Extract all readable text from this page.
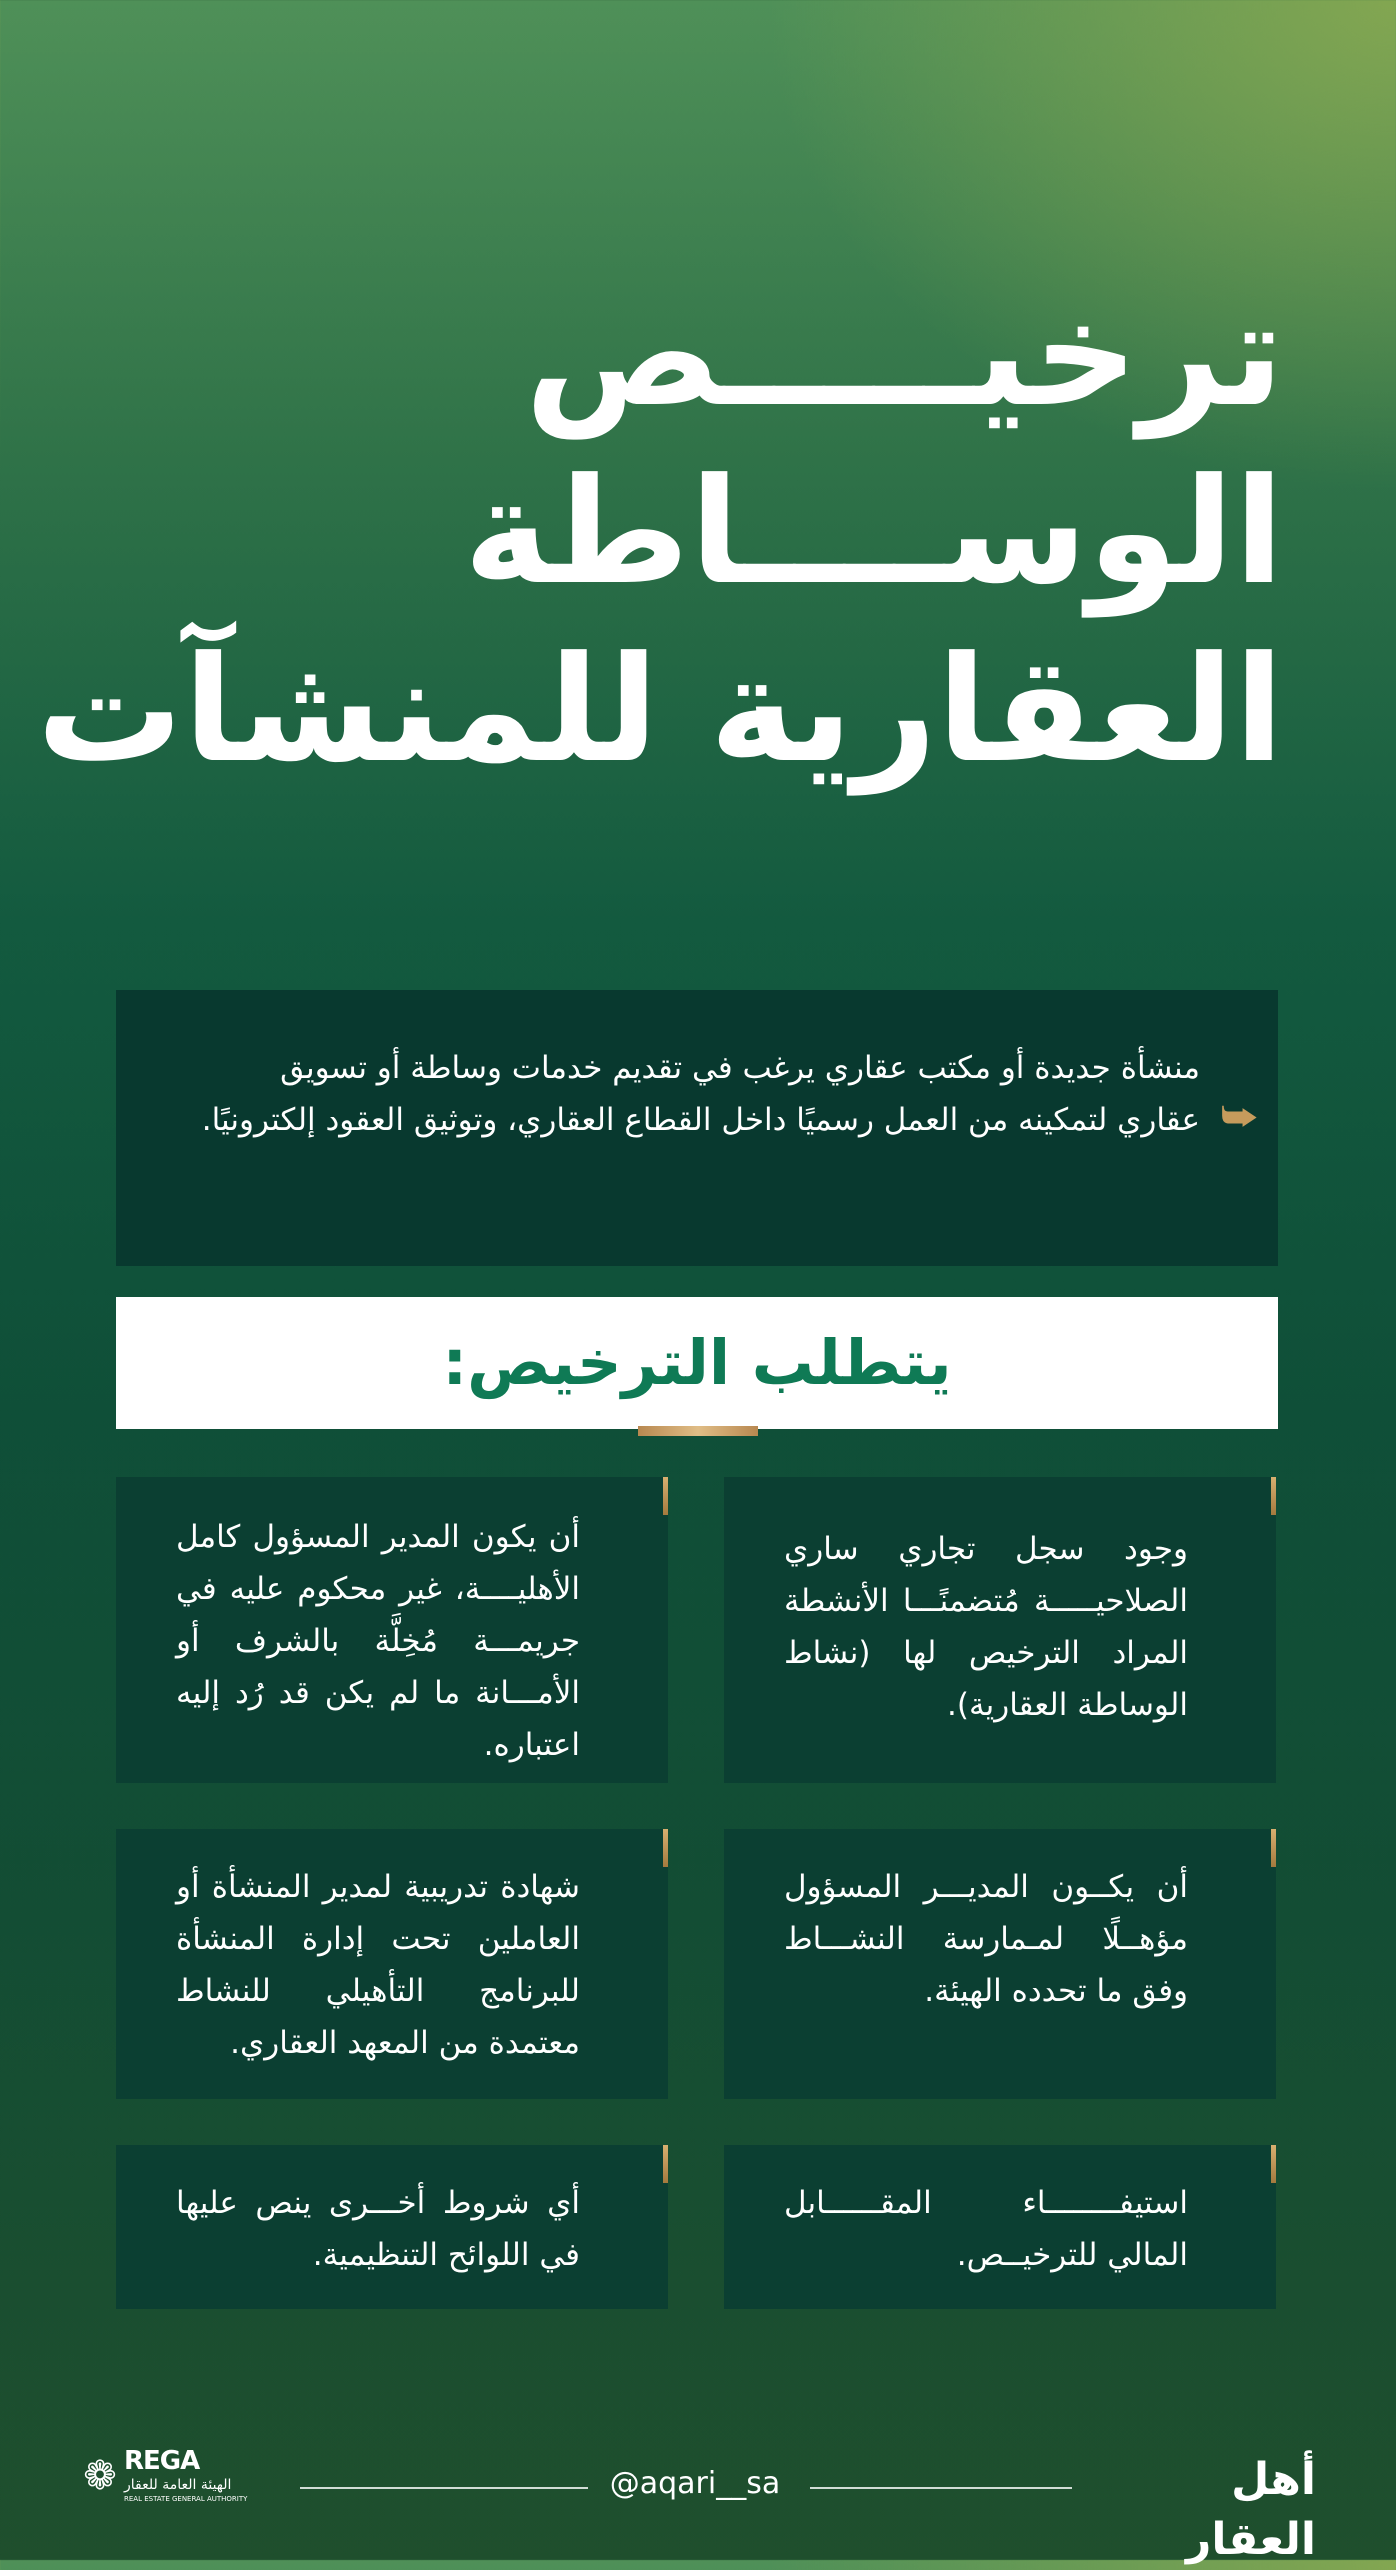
ترخيـــــص
الوســــاطة
العقارية للمنشآت
⮩
منشأة جديدة أو مكتب عقاري يرغب في تقديم خدمات وساطة أو تسويق عقاري لتمكينه من العمل رسميًا داخل القطاع العقاري، وتوثيق العقود إلكترونيًا.
يتطلب الترخيص:
وجود سجل تجاري ساري الصلاحيـــــة مُتضمنًـــا الأنشطة المراد الترخيص لها (نشاط الوساطة العقارية).
أن يكون المدير المسؤول كامل الأهليــــة، غير محكوم عليه في جريمـــة مُخِلَّة بالشرف أو الأمـــانة ما لم يكن قد رُد إليه اعتباره.
أن يكــون المديـــر المسؤول مؤهــلًا لمـمارسة النشـــاط وفق ما تحدده الهيئة.
شهادة تدريبية لمدير المنشأة أو العاملين تحت إدارة المنشأة للبرنامج التأهيلي للنشاط معتمدة من المعهد العقاري.
استيفــــــــاء المقــــــابل المالي للترخيــص.
أي شروط أخـــرى ينص عليها في اللوائح التنظيمية.
❁ REGA
الهيئة العامة للعقار
REAL ESTATE GENERAL AUTHORITY	@aqari__sa	أهل العقار
